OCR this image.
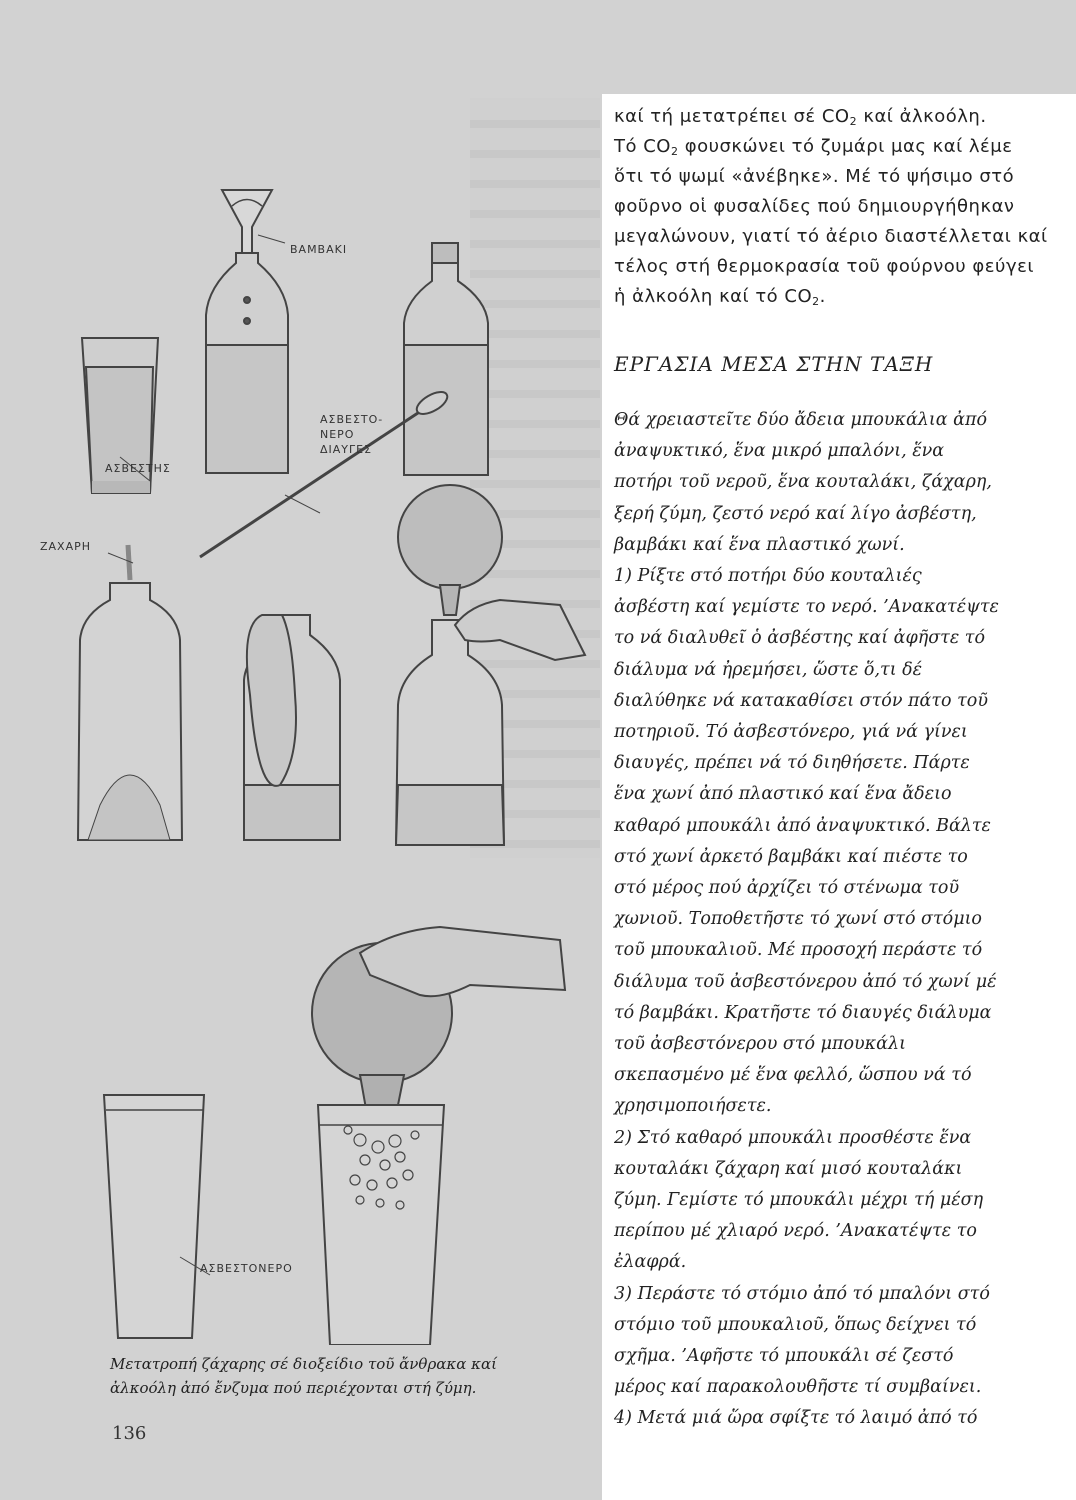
ΒΑΜΒΑΚΙ
ΑΣΒΕΣΤΟ-
ΝΕΡΟ
ΔΙΑΥΓΕΣ
ΑΣΒΕΣΤΗΣ
ΖΑΧΑΡΗ
ΑΣΒΕΣΤΟΝΕΡΟ
Μετατροπή ζάχαρης σέ διοξείδιο τοῦ ἄνθρακα καί
ἀλκοόλη ἀπό ἔνζυμα πού περιέχονται στή ζύμη.
136
καί τή μετατρέπει σέ $CO_2$ καί ἀλκοόλη.
Τό $CO_2$ φουσκώνει τό ζυμάρι μας καί λέμε
ὅτι τό ψωμί «ἀνέβηκε». Μέ τό ψήσιμο στό
φοῦρνο οἱ φυσαλίδες πού δημιουργήθηκαν
μεγαλώνουν, γιατί τό ἀέριο διαστέλλεται καί
τέλος στή θερμοκρασία τοῦ φούρνου φεύγει
ἡ ἀλκοόλη καί τό $CO_2$.
ΕΡΓΑΣΙΑ ΜΕΣΑ ΣΤΗΝ ΤΑΞΗ
Θά χρειαστεῖτε δύο ἄδεια μπουκάλια ἀπό
ἀναψυκτικό, ἕνα μικρό μπαλόνι, ἕνα
ποτήρι τοῦ νεροῦ, ἕνα κουταλάκι, ζάχαρη,
ξερή ζύμη, ζεστό νερό καί λίγο ἀσβέστη,
βαμβάκι καί ἕνα πλαστικό χωνί.
1) Ρίξτε στό ποτήρι δύο κουταλιές
ἀσβέστη καί γεμίστε το νερό. ’Ανακατέψτε
το νά διαλυθεῖ ὁ ἀσβέστης καί ἀφῆστε τό
διάλυμα νά ἠρεμήσει, ὥστε ὅ,τι δέ
διαλύθηκε νά κατακαθίσει στόν πάτο τοῦ
ποτηριοῦ. Τό ἀσβεστόνερο, γιά νά γίνει
διαυγές, πρέπει νά τό διηθήσετε. Πάρτε
ἕνα χωνί ἀπό πλαστικό καί ἕνα ἄδειο
καθαρό μπουκάλι ἀπό ἀναψυκτικό. Βάλτε
στό χωνί ἀρκετό βαμβάκι καί πιέστε το
στό μέρος πού ἀρχίζει τό στένωμα τοῦ
χωνιοῦ. Τοποθετῆστε τό χωνί στό στόμιο
τοῦ μπουκαλιοῦ. Μέ προσοχή περάστε τό
διάλυμα τοῦ ἀσβεστόνερου ἀπό τό χωνί μέ
τό βαμβάκι. Κρατῆστε τό διαυγές διάλυμα
τοῦ ἀσβεστόνερου στό μπουκάλι
σκεπασμένο μέ ἕνα φελλό, ὥσπου νά τό
χρησιμοποιήσετε.
2) Στό καθαρό μπουκάλι προσθέστε ἕνα
κουταλάκι ζάχαρη καί μισό κουταλάκι
ζύμη. Γεμίστε τό μπουκάλι μέχρι τή μέση
περίπου μέ χλιαρό νερό. ’Ανακατέψτε το
ἐλαφρά.
3) Περάστε τό στόμιο ἀπό τό μπαλόνι στό
στόμιο τοῦ μπουκαλιοῦ, ὅπως δείχνει τό
σχῆμα. ’Αφῆστε τό μπουκάλι σέ ζεστό
μέρος καί παρακολουθῆστε τί συμβαίνει.
4) Μετά μιά ὥρα σφίξτε τό λαιμό ἀπό τό
